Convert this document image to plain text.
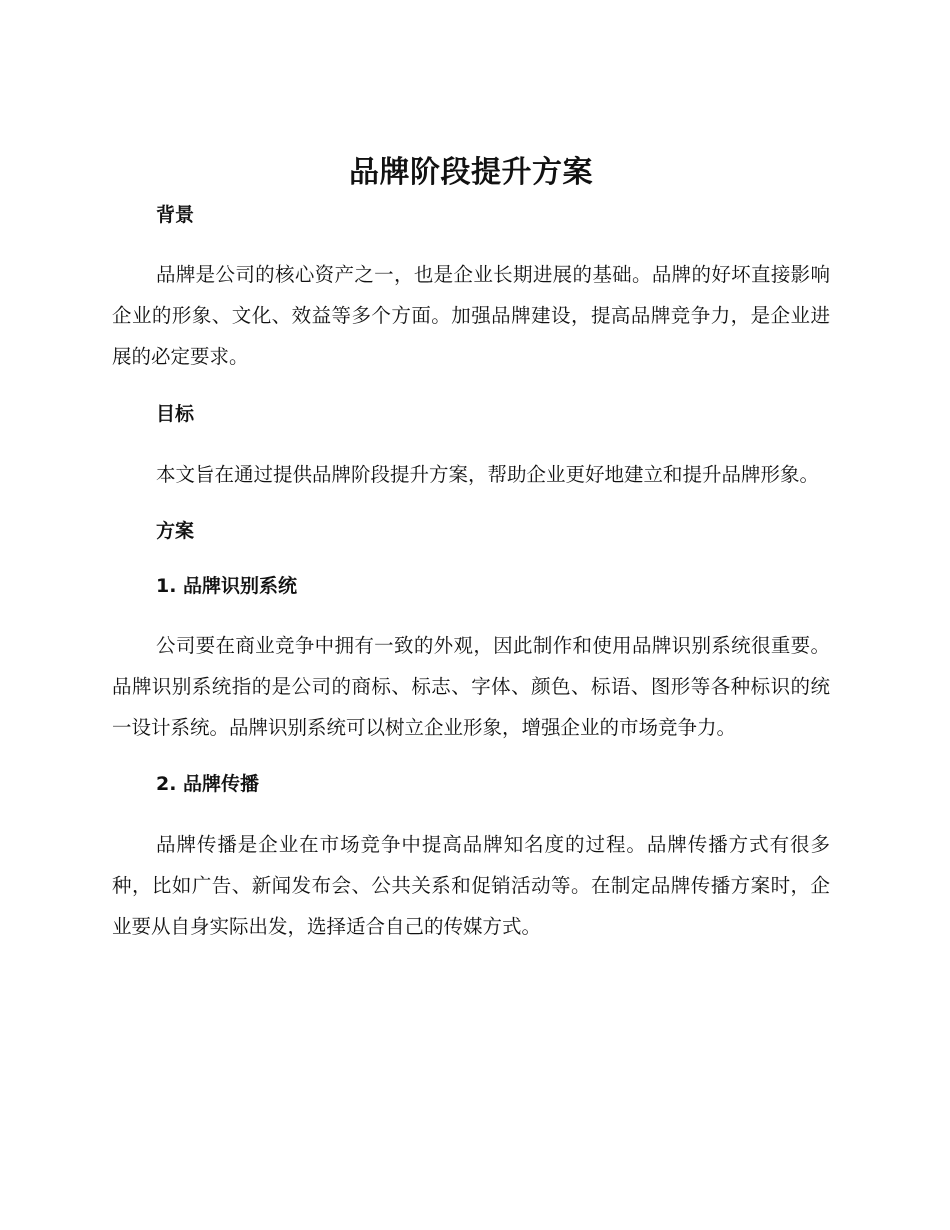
品牌阶段提升方案
背景

品牌是公司的核心资产之一，也是企业长期进展的基础。品牌的好坏直接影响企业的形象、文化、效益等多个方面。加强品牌建设，提高品牌竞争力，是企业进展的必定要求。

目标

本文旨在通过提供品牌阶段提升方案，帮助企业更好地建立和提升品牌形象。

方案
1. 品牌识别系统

公司要在商业竞争中拥有一致的外观，因此制作和使用品牌识别系统很重要。品牌识别系统指的是公司的商标、标志、字体、颜色、标语、图形等各种标识的统一设计系统。品牌识别系统可以树立企业形象，增强企业的市场竞争力。

2. 品牌传播

品牌传播是企业在市场竞争中提高品牌知名度的过程。品牌传播方式有很多种，比如广告、新闻发布会、公共关系和促销活动等。在制定品牌传播方案时，企业要从自身实际出发，选择适合自己的传媒方式。
